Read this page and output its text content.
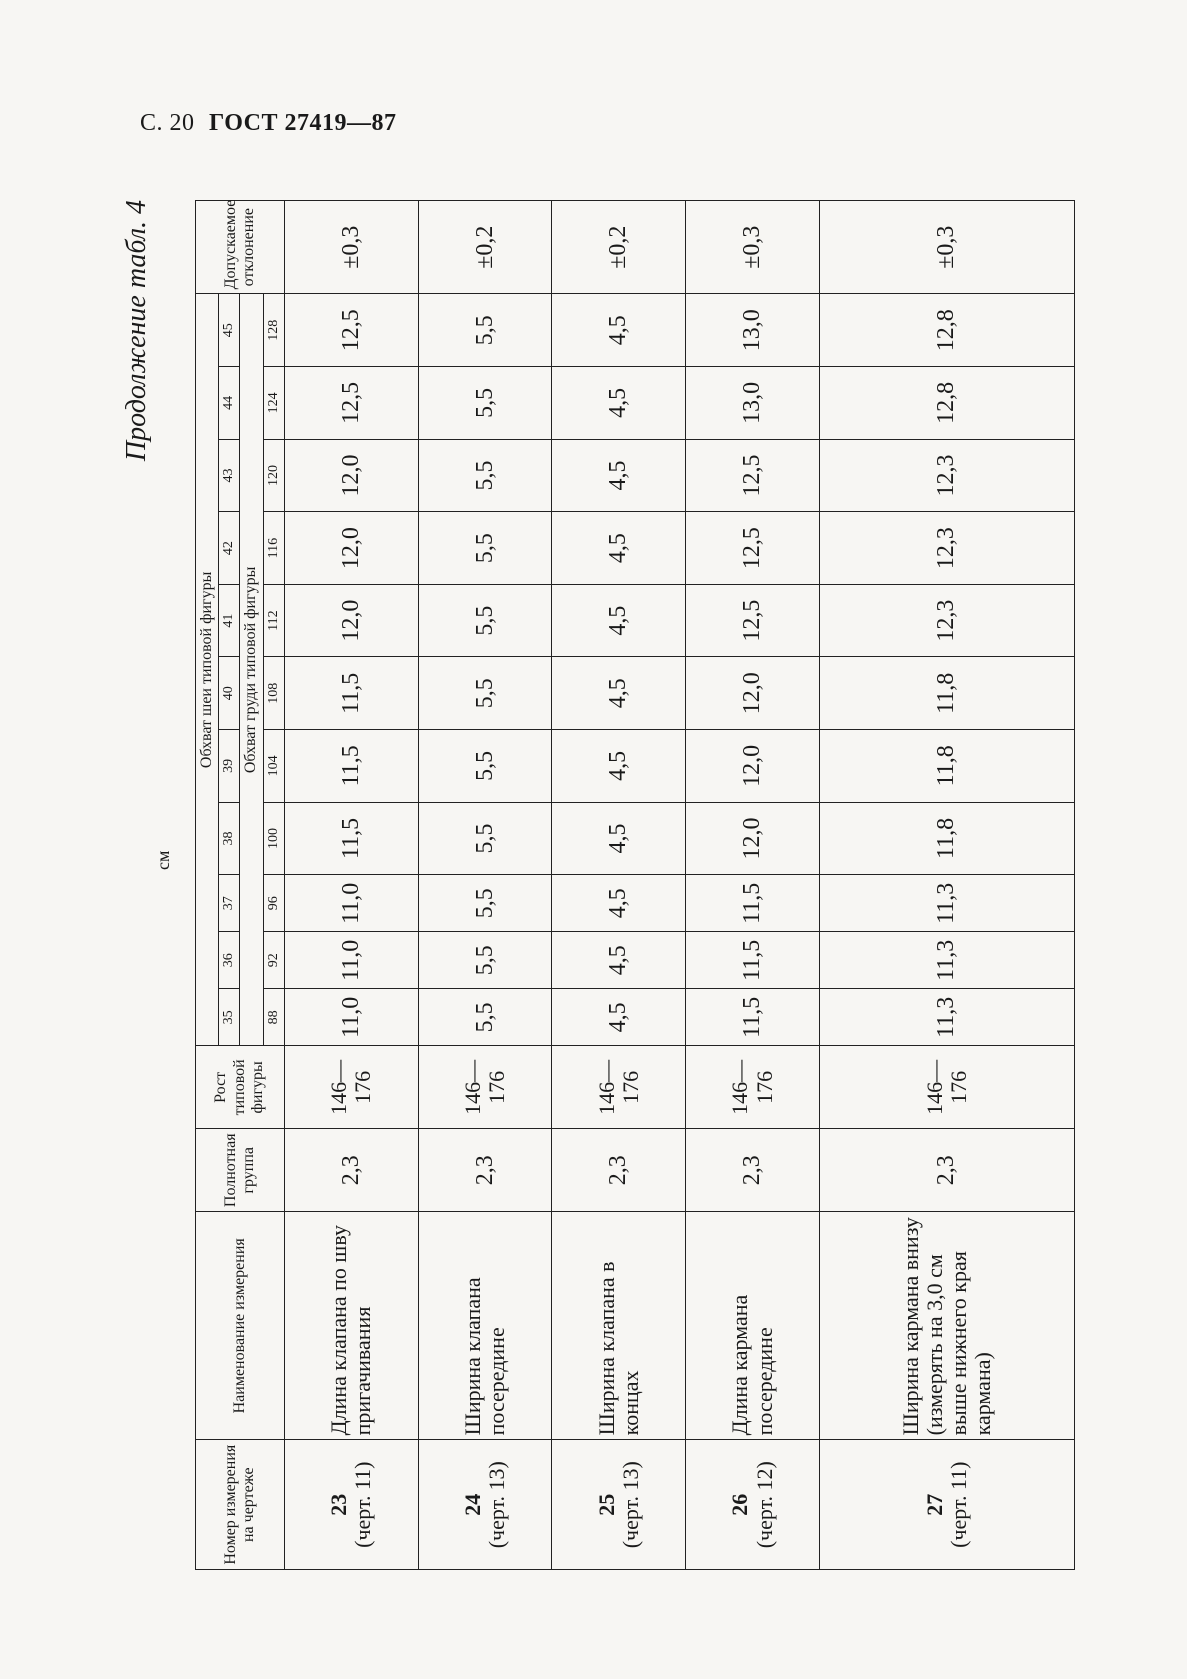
С. 20 ГОСТ 27419—87
Продолжение табл. 4
см
Номер измерения на чертеже	Наименование измерения	Полнотная группа	Рост типовой фигуры	Обхват шеи типовой фигуры											Допускаемое отклонение
				35	36	37	38	39	40	41	42	43	44	45	
				Обхват груди типовой фигуры											
				88	92	96	100	104	108	112	116	120	124	128	
23
(черт. 11)	Длина клапана по шву пригачивания	2,3	146—176	11,0	11,0	11,0	11,5	11,5	11,5	12,0	12,0	12,0	12,5	12,5	±0,3
24
(черт. 13)	Ширина клапана посередине	2,3	146—176	5,5	5,5	5,5	5,5	5,5	5,5	5,5	5,5	5,5	5,5	5,5	±0,2
25
(черт. 13)	Ширина клапана в концах	2,3	146—176	4,5	4,5	4,5	4,5	4,5	4,5	4,5	4,5	4,5	4,5	4,5	±0,2
26
(черт. 12)	Длина кармана посередине	2,3	146—176	11,5	11,5	11,5	12,0	12,0	12,0	12,5	12,5	12,5	13,0	13,0	±0,3
27
(черт. 11)	Ширина кармана внизу (измерять на 3,0 см выше нижнего края кармана)	2,3	146—176	11,3	11,3	11,3	11,8	11,8	11,8	12,3	12,3	12,3	12,8	12,8	±0,3
